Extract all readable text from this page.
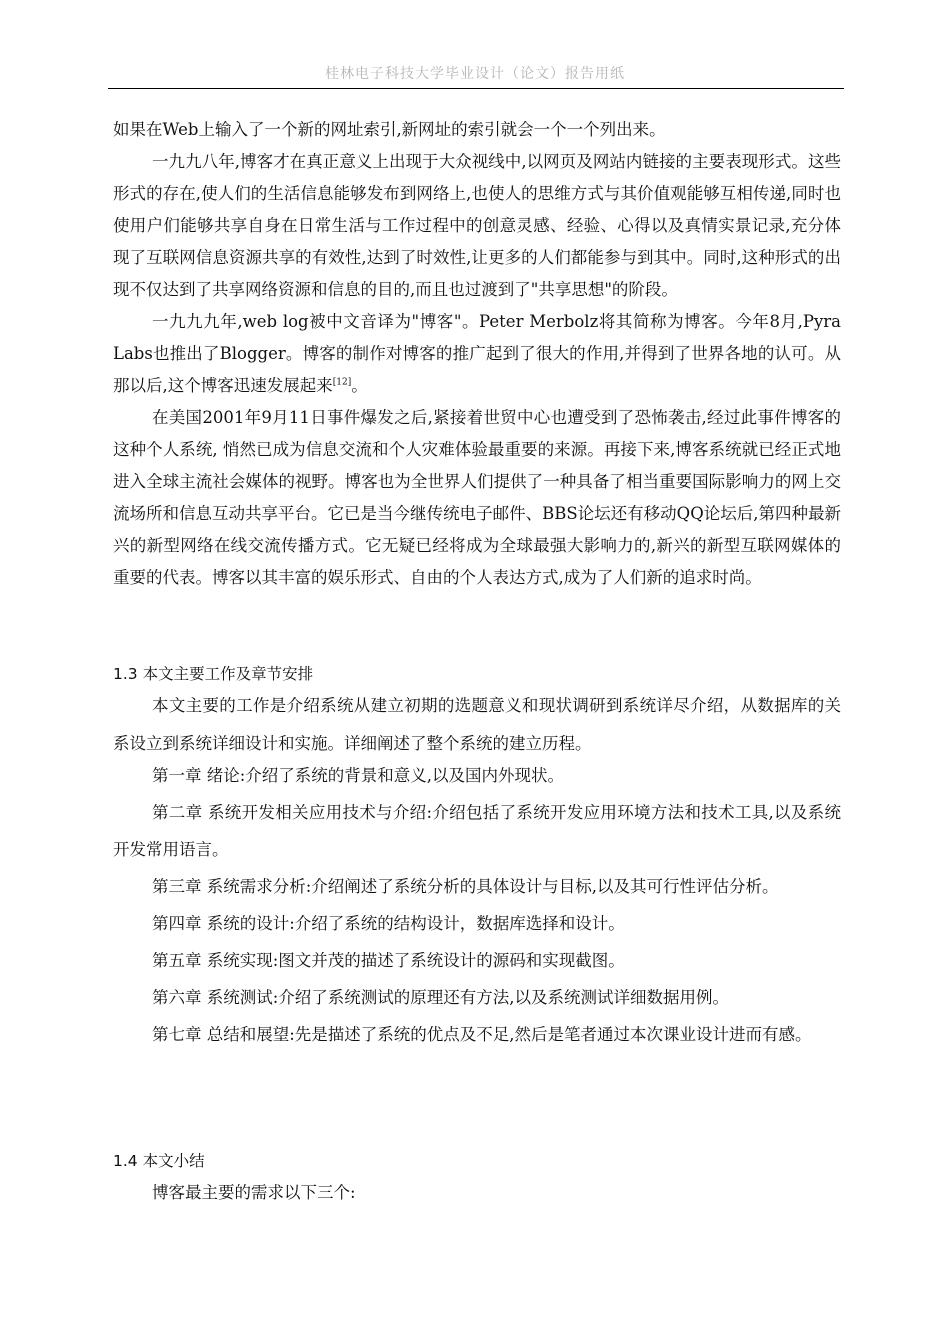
桂林电子科技大学毕业设计（论文）报告用纸

如果在Web上输入了一个新的网址索引,新网址的索引就会一个一个列出来。

一九九八年,博客才在真正意义上出现于大众视线中,以网页及网站内链接的主要表现形式。这些形式的存在,使人们的生活信息能够发布到网络上,也使人的思维方式与其价值观能够互相传递,同时也使用户们能够共享自身在日常生活与工作过程中的创意灵感、经验、心得以及真情实景记录,充分体现了互联网信息资源共享的有效性,达到了时效性,让更多的人们都能参与到其中。同时,这种形式的出现不仅达到了共享网络资源和信息的目的,而且也过渡到了"共享思想"的阶段。

一九九九年,web log被中文音译为"博客"。Peter Merbolz将其简称为博客。今年8月,Pyra Labs也推出了Blogger。博客的制作对博客的推广起到了很大的作用,并得到了世界各地的认可。从那以后,这个博客迅速发展起来[12]。

在美国2001年9月11日事件爆发之后,紧接着世贸中心也遭受到了恐怖袭击,经过此事件博客的这种个人系统, 悄然已成为信息交流和个人灾难体验最重要的来源。再接下来,博客系统就已经正式地进入全球主流社会媒体的视野。博客也为全世界人们提供了一种具备了相当重要国际影响力的网上交流场所和信息互动共享平台。它已是当今继传统电子邮件、BBS论坛还有移动QQ论坛后,第四种最新兴的新型网络在线交流传播方式。它无疑已经将成为全球最强大影响力的,新兴的新型互联网媒体的重要的代表。博客以其丰富的娱乐形式、自由的个人表达方式,成为了人们新的追求时尚。

1.3 本文主要工作及章节安排

本文主要的工作是介绍系统从建立初期的选题意义和现状调研到系统详尽介绍，从数据库的关系设立到系统详细设计和实施。详细阐述了整个系统的建立历程。

第一章 绪论:介绍了系统的背景和意义,以及国内外现状。

第二章 系统开发相关应用技术与介绍:介绍包括了系统开发应用环境方法和技术工具,以及系统开发常用语言。

第三章 系统需求分析:介绍阐述了系统分析的具体设计与目标,以及其可行性评估分析。

第四章 系统的设计:介绍了系统的结构设计，数据库选择和设计。

第五章 系统实现:图文并茂的描述了系统设计的源码和实现截图。

第六章 系统测试:介绍了系统测试的原理还有方法,以及系统测试详细数据用例。

第七章 总结和展望:先是描述了系统的优点及不足,然后是笔者通过本次课业设计进而有感。

1.4 本文小结

博客最主要的需求以下三个:
